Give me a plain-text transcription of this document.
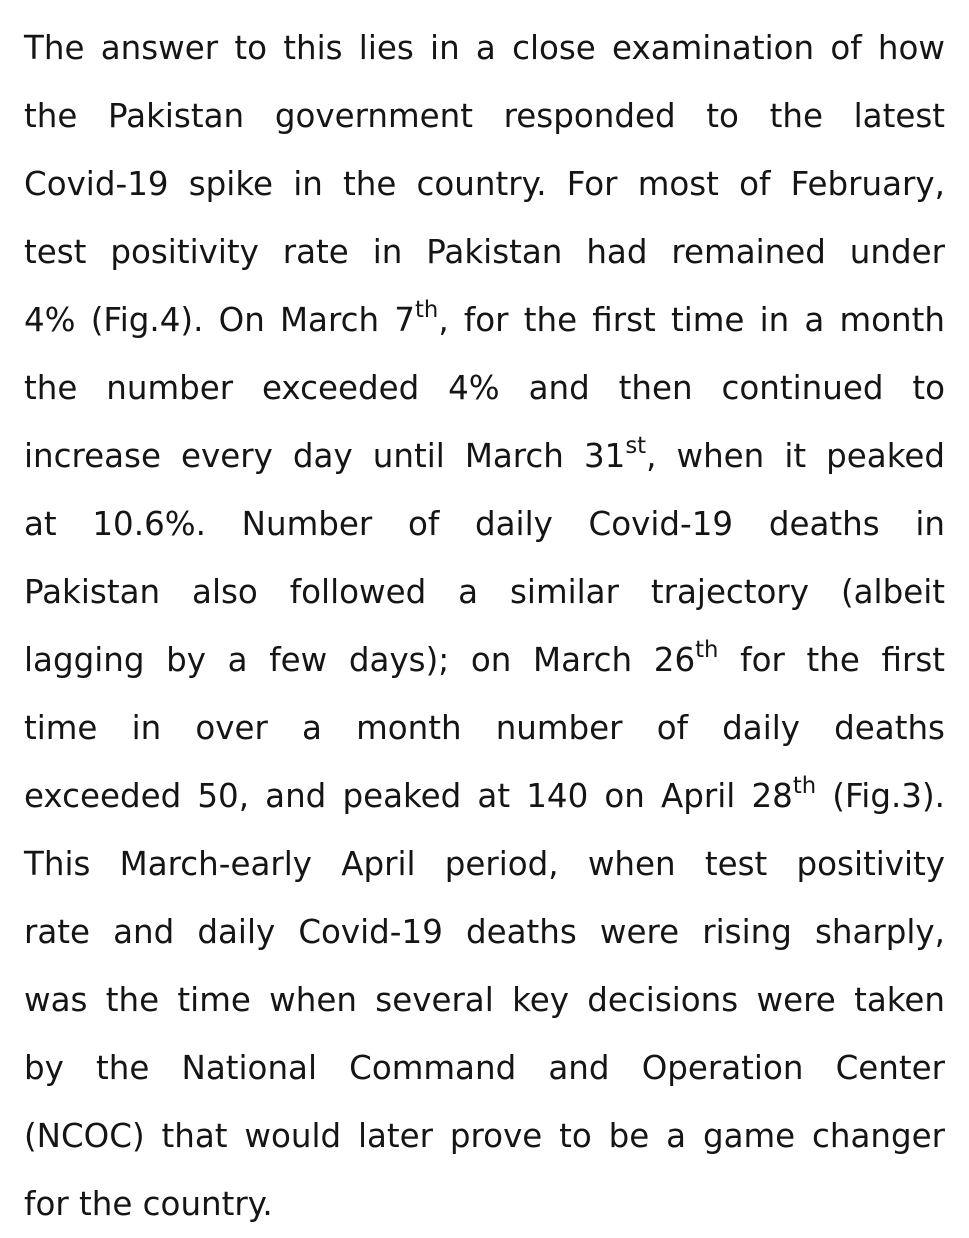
The answer to this lies in a close examination of how
the Pakistan government responded to the latest
Covid-19 spike in the country. For most of February,
test positivity rate in Pakistan had remained under
4% (Fig.4). On March 7th, for the first time in a month
the number exceeded 4% and then continued to
increase every day until March 31st, when it peaked
at 10.6%. Number of daily Covid-19 deaths in
Pakistan also followed a similar trajectory (albeit
lagging by a few days); on March 26th for the first
time in over a month number of daily deaths
exceeded 50, and peaked at 140 on April 28th (Fig.3).
This March-early April period, when test positivity
rate and daily Covid-19 deaths were rising sharply,
was the time when several key decisions were taken
by the National Command and Operation Center
(NCOC) that would later prove to be a game changer
for the country.
